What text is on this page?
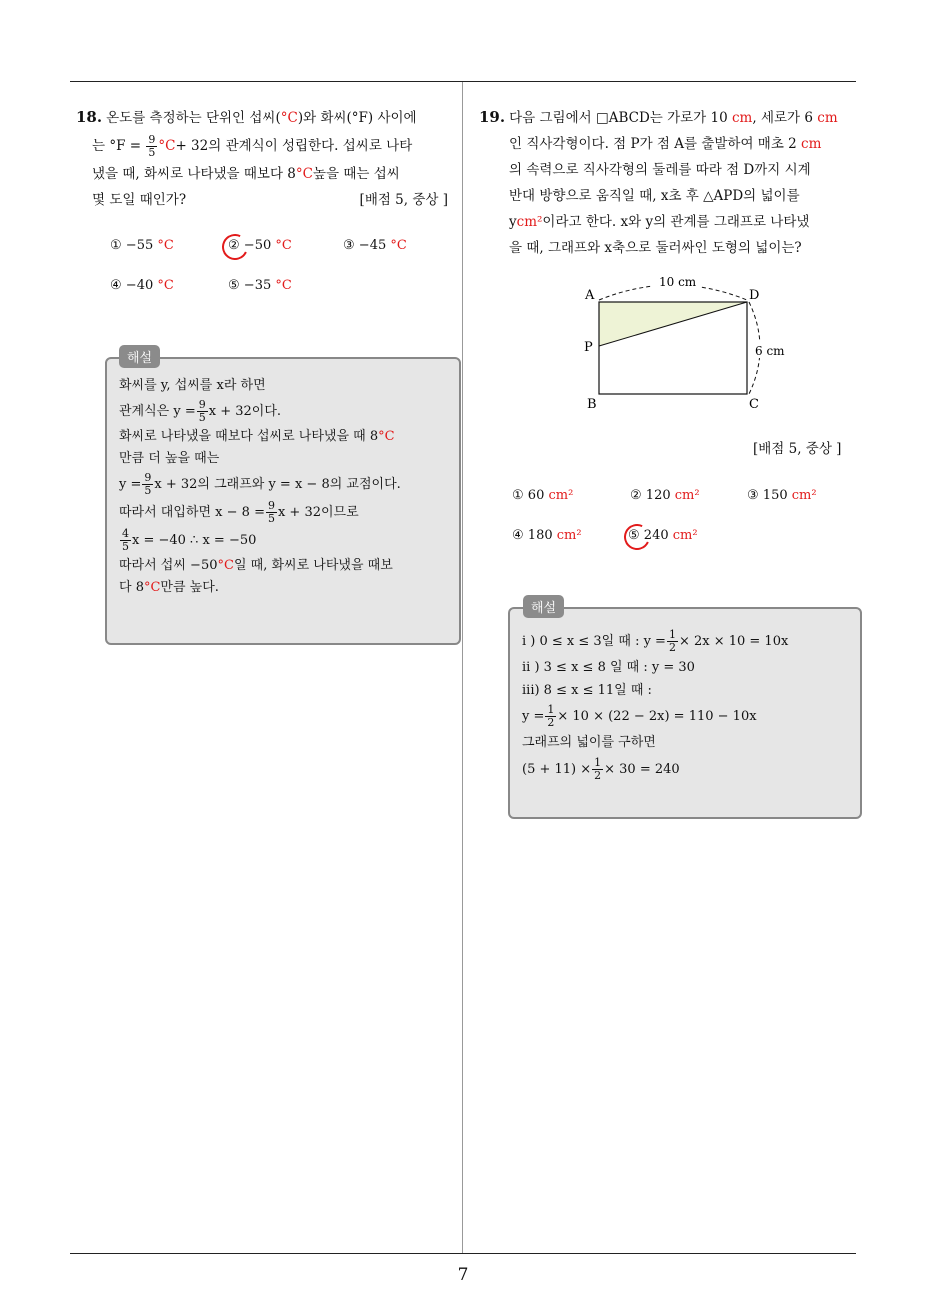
18. 온도를 측정하는 단위인 섭씨(°C)와 화씨(°F) 사이에
는 $^\circ F = \frac{9}{5} ^\circ C+ 32$의 관계식이 성립한다. 섭씨로 나타
냈을 때, 화씨로 나타냈을 때보다 8°C높을 때는 섭씨
몇 도일 때인가?	[배점 5, 중상 ]
① −55 °C	② −50 °C	③ −45 °C
④ −40 °C	⑤ −35 °C
화씨를 y, 섭씨를 x라 하면
관계식은 $y = \frac{9}{5}$ x + 32이다.
화씨로 나타냈을 때보다 섭씨로 나타냈을 때 8°C
만큼 더 높을 때는
$y = \frac{9}{5}$ x + 32의 그래프와 y = x − 8의 교점이다.
따라서 대입하면 $x - 8 = \frac{9}{5}$ x + 32이므로
$\frac{4}{5}$ x = −40 ∴ x = −50
따라서 섭씨 −50°C일 때, 화씨로 나타냈을 때보
다 8°C만큼 높다.
해설
19. 다음 그림에서 □ABCD는 가로가 10 cm, 세로가 6 cm
인 직사각형이다. 점 P가 점 A를 출발하여 매초 2 cm
의 속력으로 직사각형의 둘레를 따라 점 D까지 시계
반대 방향으로 움직일 때, x초 후 △APD의 넓이를
ycm²이라고 한다. x와 y의 관계를 그래프로 나타냈
을 때, 그래프와 x축으로 둘러싸인 도형의 넓이는?
10 cm
6 cm
A	D
P
B	C
[배점 5, 중상 ]
① 60 cm²	② 120 cm²	③ 150 cm²
④ 180 cm²	⑤ 240 cm²
i ) 0 ≤ x ≤ 3일 때 : $y = \frac{1}{2} \times 2x \times 10 = 10x$
ii ) 3 ≤ x ≤ 8 일 때 : y = 30
iii) 8 ≤ x ≤ 11일 때 :
$y = \frac{1}{2} \times 10 \times (22 - 2x) = 110 - 10x$
그래프의 넓이를 구하면
$(5 + 11) \times \frac{1}{2} \times 30 = 240$
해설
7
